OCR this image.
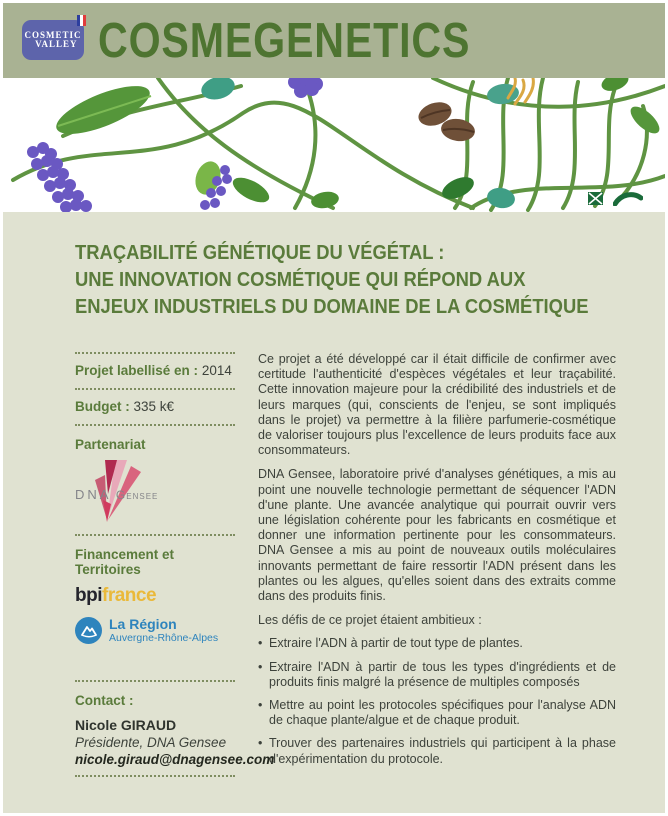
COSMETIC
VALLEY COSMEGENETICS
TRAÇABILITÉ GÉNÉTIQUE DU VÉGÉTAL :
UNE INNOVATION COSMÉTIQUE QUI RÉPOND AUX
ENJEUX INDUSTRIELS DU DOMAINE DE LA COSMÉTIQUE
Projet labellisé en : 2014
Budget : 335 k€
Partenariat
DNA Gensee
Financement et Territoires
bpifrance
La Région
Auvergne-Rhône-Alpes
Contact :
Nicole GIRAUD
Présidente, DNA Gensee
nicole.giraud@dnagensee.com

Ce projet a été développé car il était difficile de confirmer avec certitude l'authenticité d'espèces végétales et leur traçabilité. Cette innovation majeure pour la crédibilité des industriels et de leurs marques (qui, conscients de l'enjeu, se sont impliqués dans le projet) va permettre à la filière parfumerie-cosmétique de valoriser toujours plus l'excellence de leurs produits face aux consommateurs.

DNA Gensee, laboratoire privé d'analyses génétiques, a mis au point une nouvelle technologie permettant de séquencer l'ADN d'une plante. Une avancée analytique qui pourrait ouvrir vers une législation cohérente pour les fabricants en cosmétique et donner une information pertinente pour les consommateurs. DNA Gensee a mis au point de nouveaux outils moléculaires innovants permettant de faire ressortir l'ADN présent dans les plantes ou les algues, qu'elles soient dans des extraits comme dans des produits finis.

Les défis de ce projet étaient ambitieux :
• Extraire l'ADN à partir de tout type de plantes.
• Extraire l'ADN à partir de tous les types d'ingrédients et de produits finis malgré la présence de multiples composés
• Mettre au point les protocoles spécifiques pour l'analyse ADN de chaque plante/algue et de chaque produit.
• Trouver des partenaires industriels qui participent à la phase d'expérimentation du protocole.
